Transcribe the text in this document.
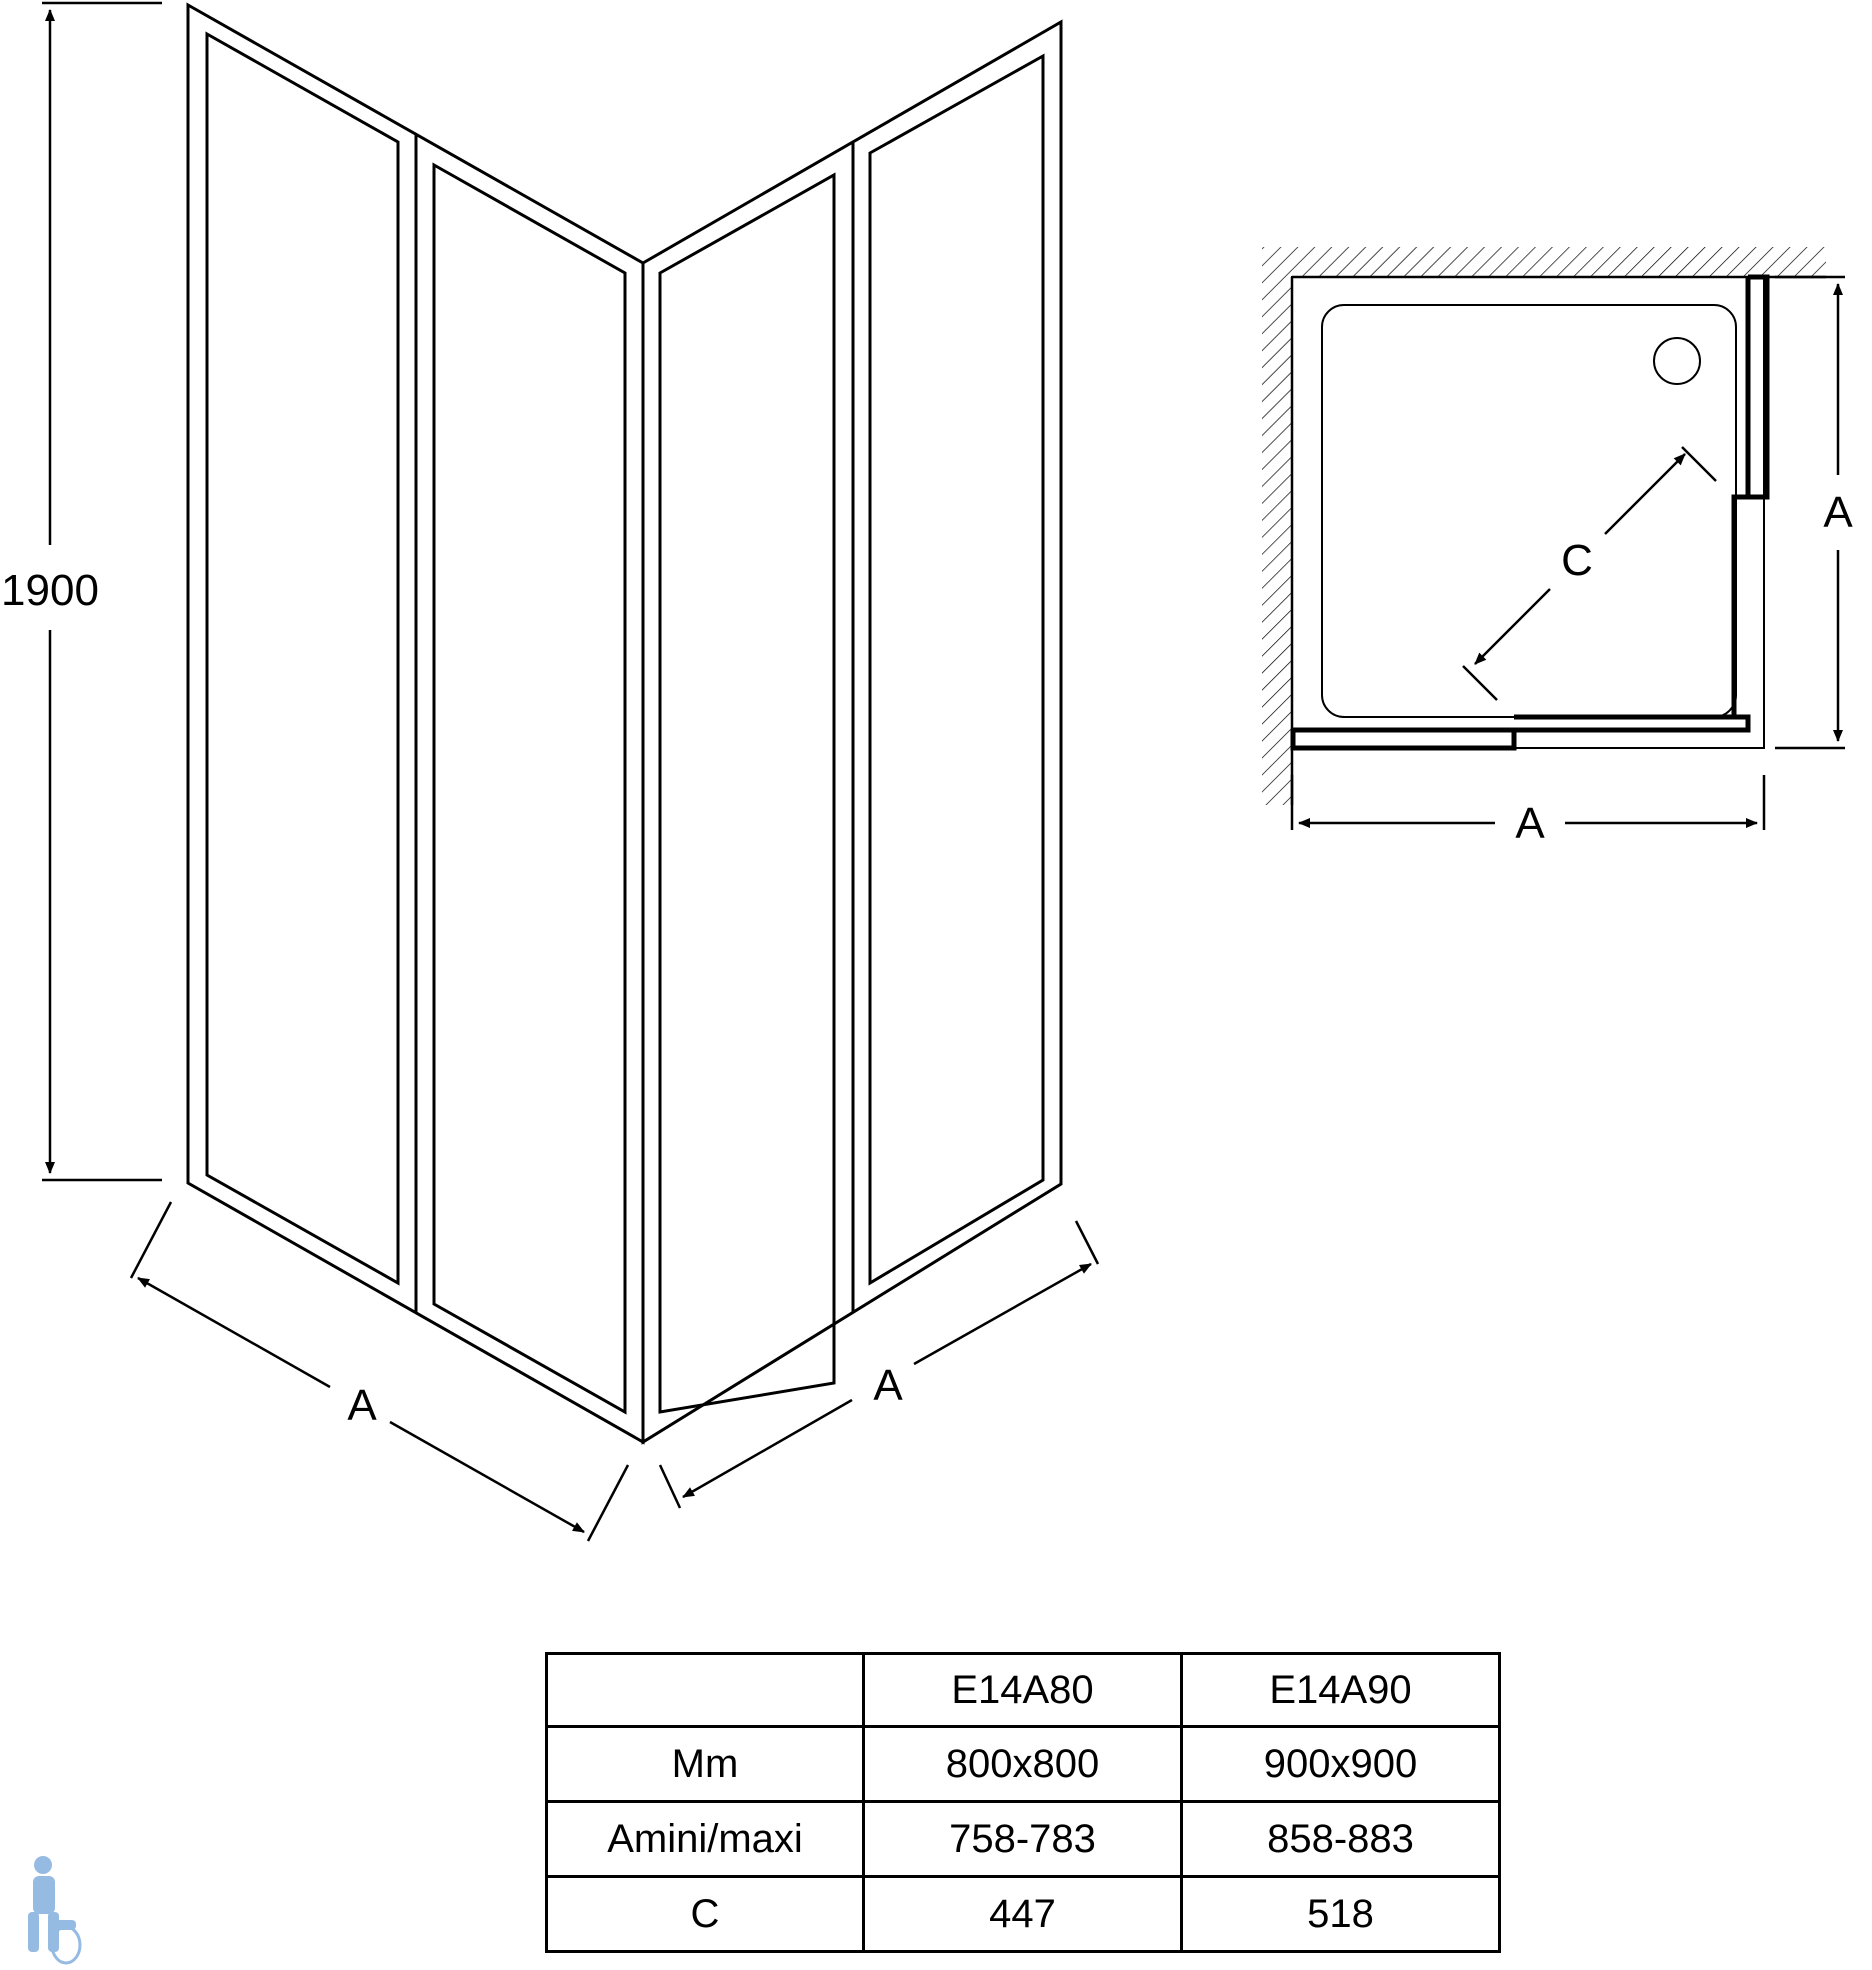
1900
A	A
C
A
A
	E14A80	E14A90
Mm	800x800	900x900
Amini/maxi	758-783	858-883
C	447	518
